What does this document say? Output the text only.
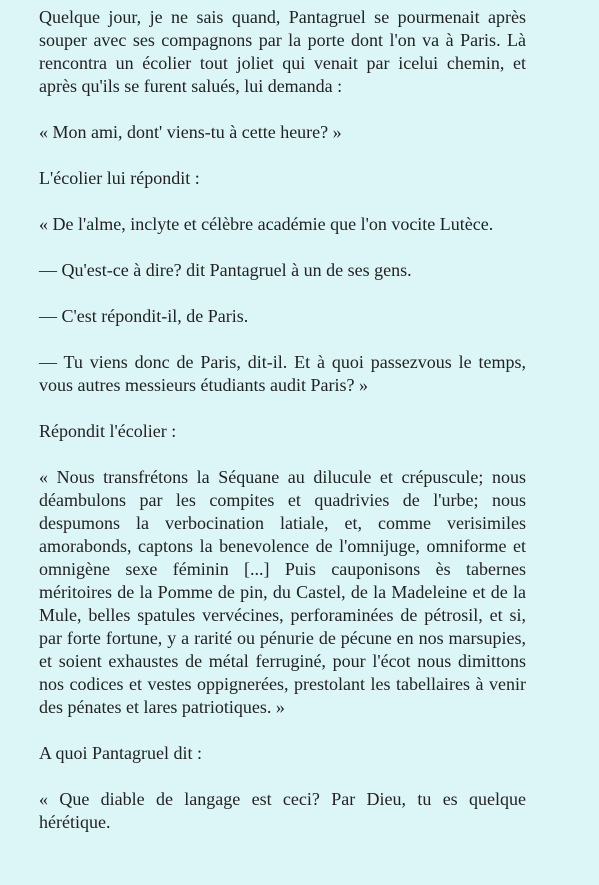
Quelque jour, je ne sais quand, Pantagruel se pourmenait après souper avec ses compagnons par la porte dont l'on va à Paris. Là rencontra un écolier tout joliet qui venait par icelui chemin, et après qu'ils se furent salués, lui demanda :

« Mon ami, dont' viens-tu à cette heure? »

L'écolier lui répondit :

« De l'alme, inclyte et célèbre académie que l'on vocite Lutèce.

— Qu'est-ce à dire? dit Pantagruel à un de ses gens.

— C'est répondit-il, de Paris.

— Tu viens donc de Paris, dit-il. Et à quoi passezvous le temps, vous autres messieurs étudiants audit Paris? »

Répondit l'écolier :

« Nous transfrétons la Séquane au dilucule et crépuscule; nous déambulons par les compites et quadrivies de l'urbe; nous despumons la verbocination latiale, et, comme verisimiles amorabonds, captons la benevolence de l'omnijuge, omniforme et omnigène sexe féminin [...] Puis cauponisons ès tabernes méritoires de la Pomme de pin, du Castel, de la Madeleine et de la Mule, belles spatules vervécines, perforaminées de pétrosil, et si, par forte fortune, y a rarité ou pénurie de pécune en nos marsupies, et soient exhaustes de métal ferruginé, pour l'écot nous dimittons nos codices et vestes oppignerées, prestolant les tabellaires à venir des pénates et lares patriotiques. »

A quoi Pantagruel dit :

« Que diable de langage est ceci? Par Dieu, tu es quelque hérétique.
